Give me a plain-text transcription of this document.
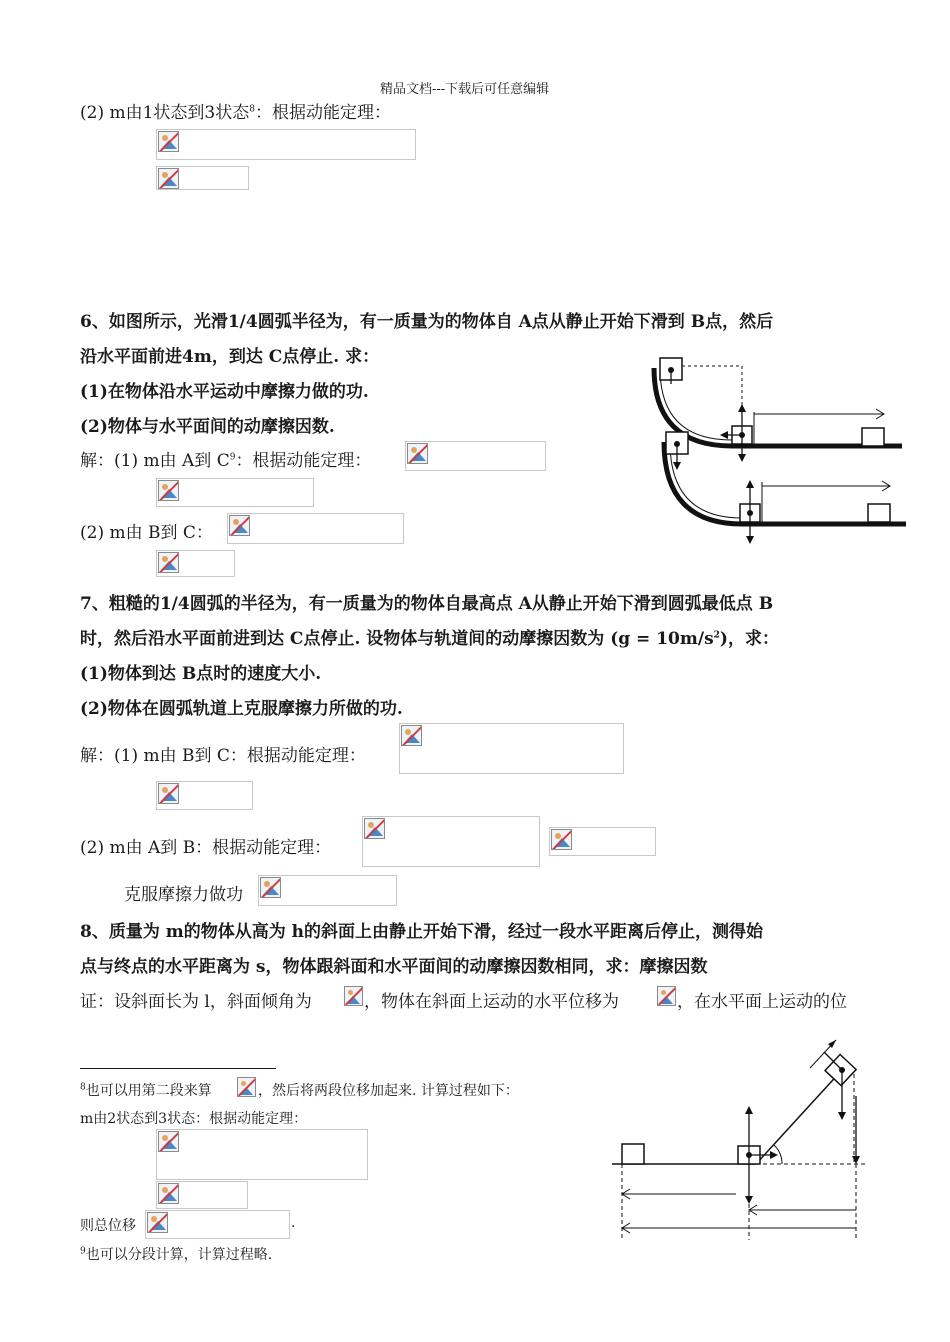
精品文档---下载后可任意编辑
(2) m由1状态到3状态$^8$：根据动能定理：
6、如图所示，光滑1/4圆弧半径为，有一质量为的物体自 A点从静止开始下滑到 B点，然后
沿水平面前进4m，到达 C点停止. 求：
(1)在物体沿水平运动中摩擦力做的功.
(2)物体与水平面间的动摩擦因数.
解：(1) m由 A到 $C^9$：根据动能定理：
(2) m由 B到 C：
7、粗糙的1/4圆弧的半径为，有一质量为的物体自最高点 A从静止开始下滑到圆弧最低点 B
时，然后沿水平面前进到达 C点停止. 设物体与轨道间的动摩擦因数为 $(g = 10m/s^2)$，求：
(1)物体到达 B点时的速度大小.
(2)物体在圆弧轨道上克服摩擦力所做的功.
解：(1) m由 B到 C：根据动能定理：
(2) m由 A到 B：根据动能定理：
克服摩擦力做功
8、质量为 m的物体从高为 h的斜面上由静止开始下滑，经过一段水平距离后停止，测得始
点与终点的水平距离为 s，物体跟斜面和水平面间的动摩擦因数相同，求：摩擦因数
证：设斜面长为 l，斜面倾角为	，物体在斜面上运动的水平位移为	，在水平面上运动的位
$^8$也可以用第二段来算	，然后将两段位移加起来. 计算过程如下：
m由2状态到3状态：根据动能定理：
则总位移	.
$^9$也可以分段计算，计算过程略.
